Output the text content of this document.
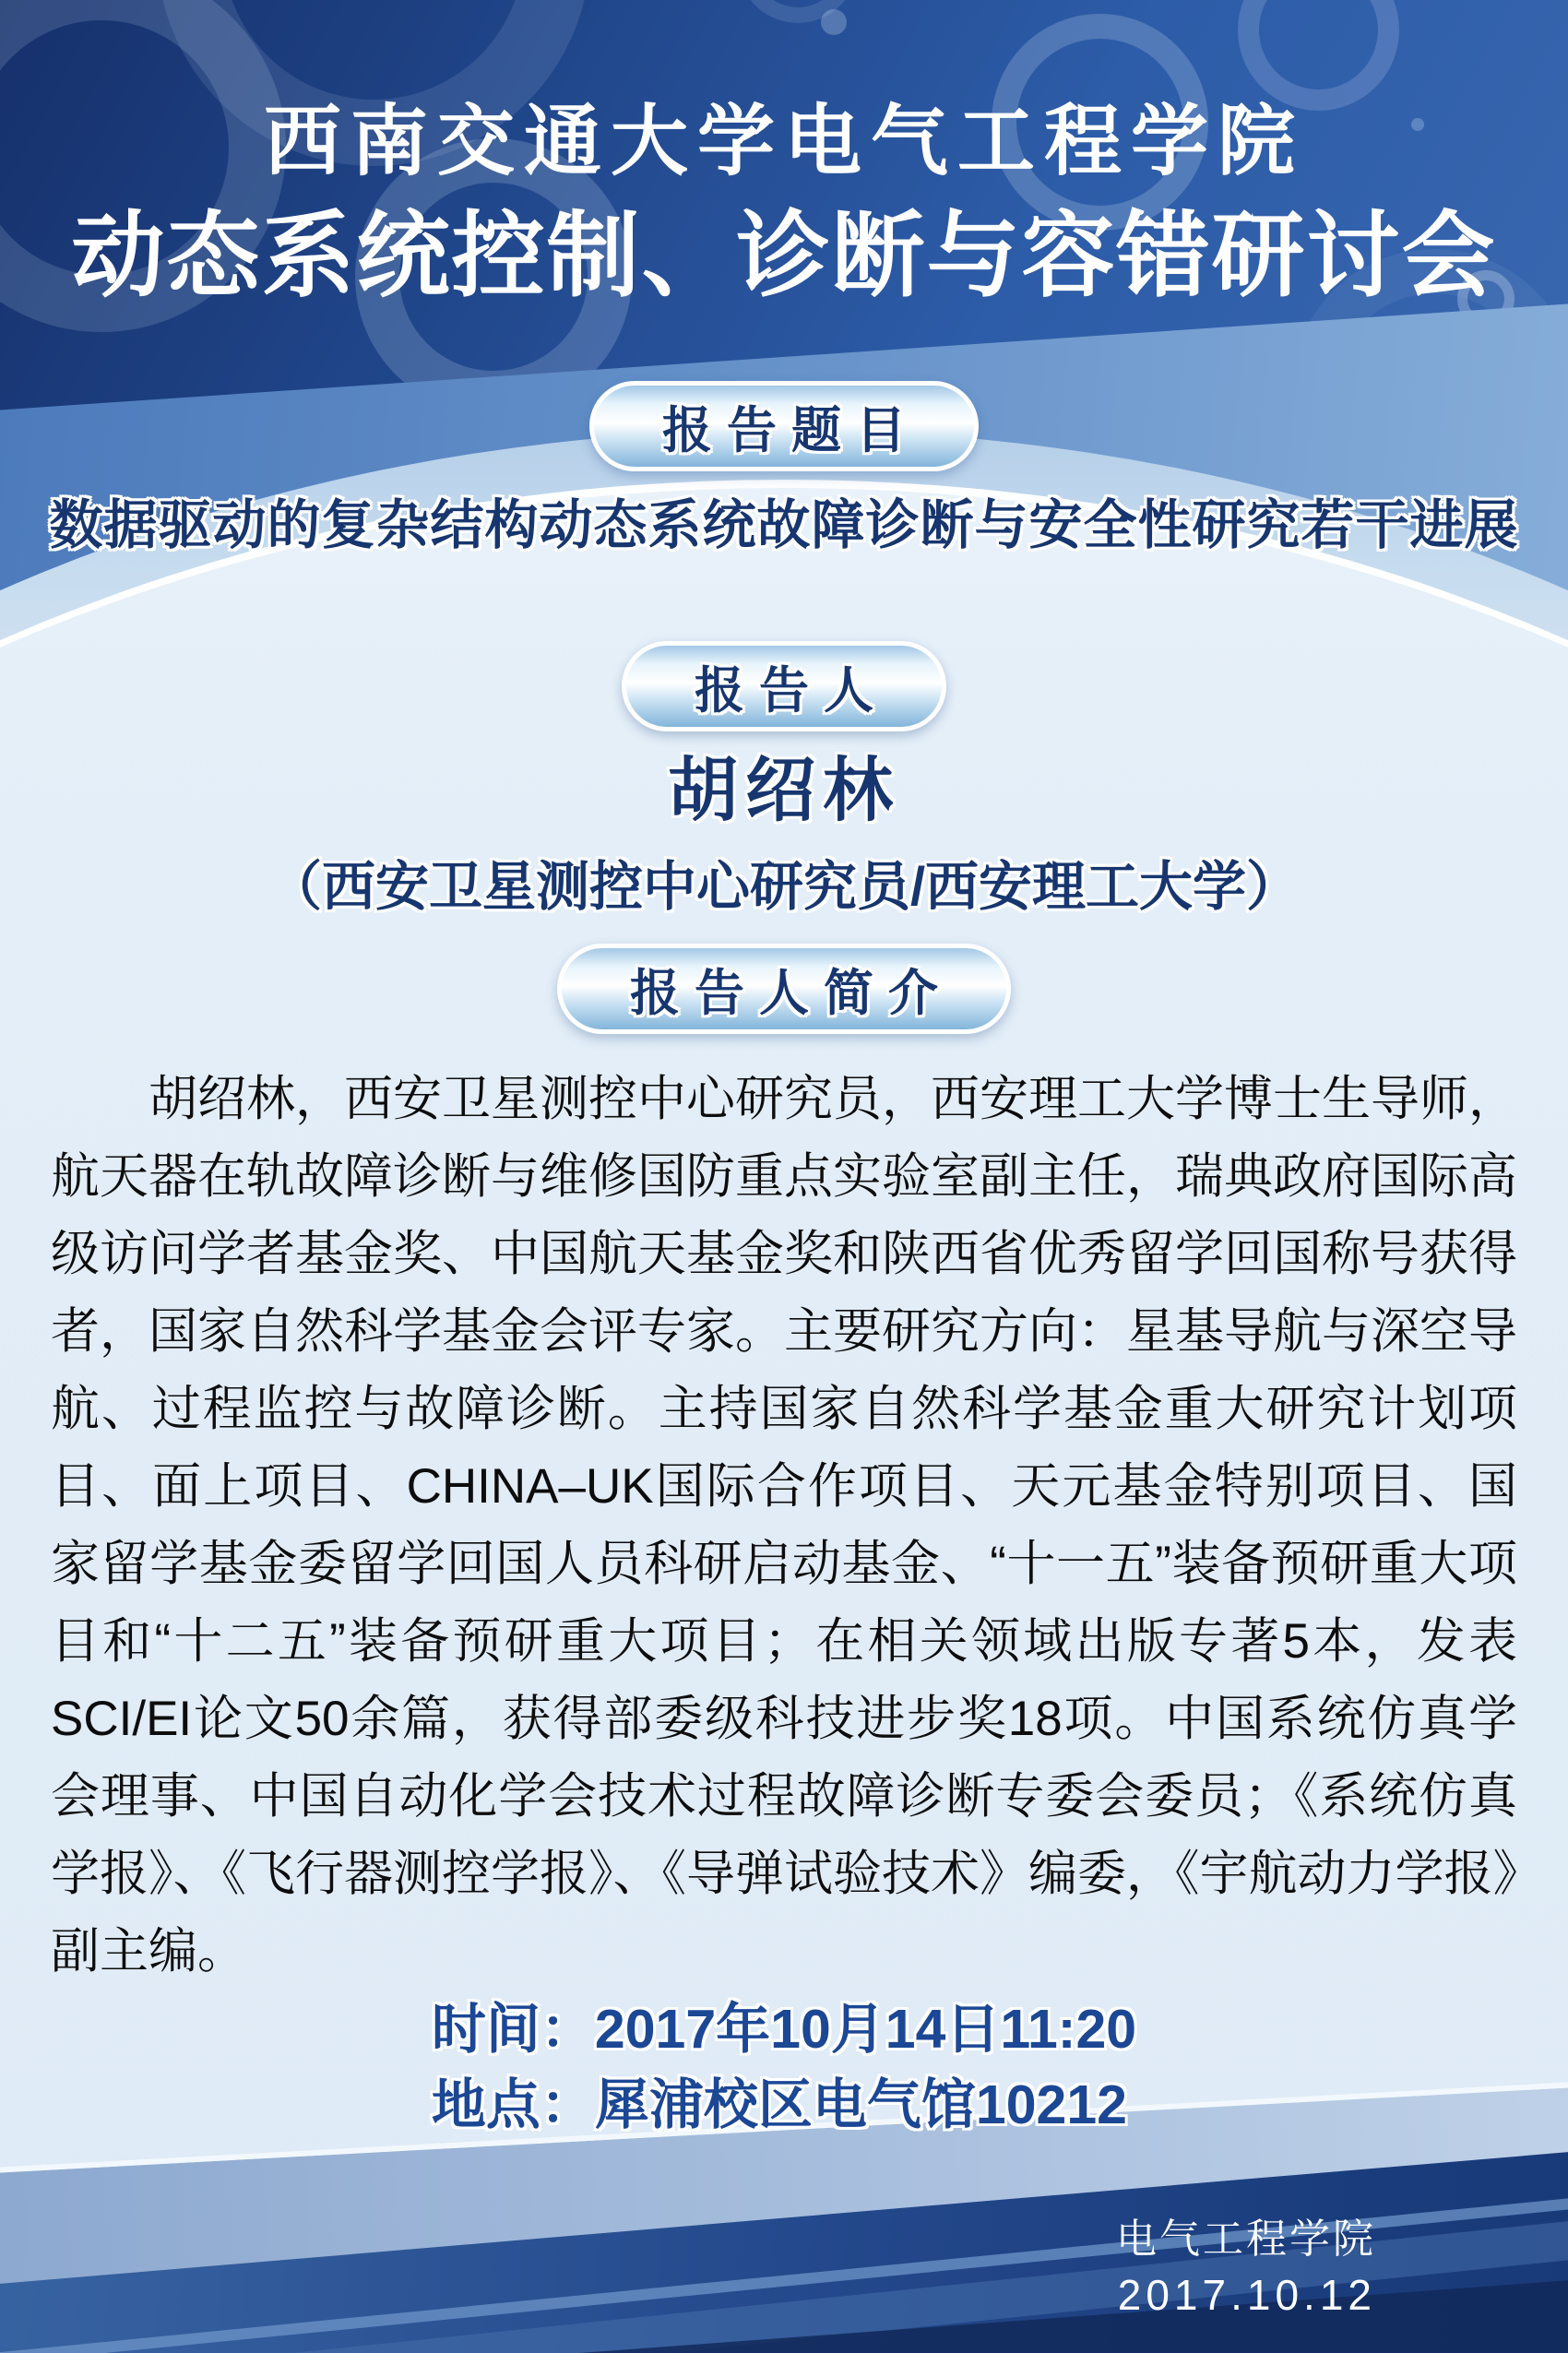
西南交通大学电气工程学院
动态系统控制、诊断与容错研讨会
报告题目
数据驱动的复杂结构动态系统故障诊断与安全性研究若干进展
报告人
胡绍林
（西安卫星测控中心研究员/西安理工大学）
报告人简介
胡绍林，西安卫星测控中心研究员，西安理工大学博士生导师，航天器在轨故障诊断与维修国防重点实验室副主任，瑞典政府国际高级访问学者基金奖、中国航天基金奖和陕西省优秀留学回国称号获得者，国家自然科学基金会评专家。主要研究方向：星基导航与深空导航、过程监控与故障诊断。主持国家自然科学基金重大研究计划项目、面上项目、CHINA–UK国际合作项目、天元基金特别项目、国家留学基金委留学回国人员科研启动基金、“十一五”装备预研重大项目和“十二五”装备预研重大项目；在相关领域出版专著5本，发表SCI/EI论文50余篇，获得部委级科技进步奖18项。中国系统仿真学会理事、中国自动化学会技术过程故障诊断专委会委员；《系统仿真学报》、《飞行器测控学报》、《导弹试验技术》编委，《宇航动力学报》副主编。
时间：2017年10月14日11:20
地点：犀浦校区电气馆10212
电气工程学院
2017.10.12
